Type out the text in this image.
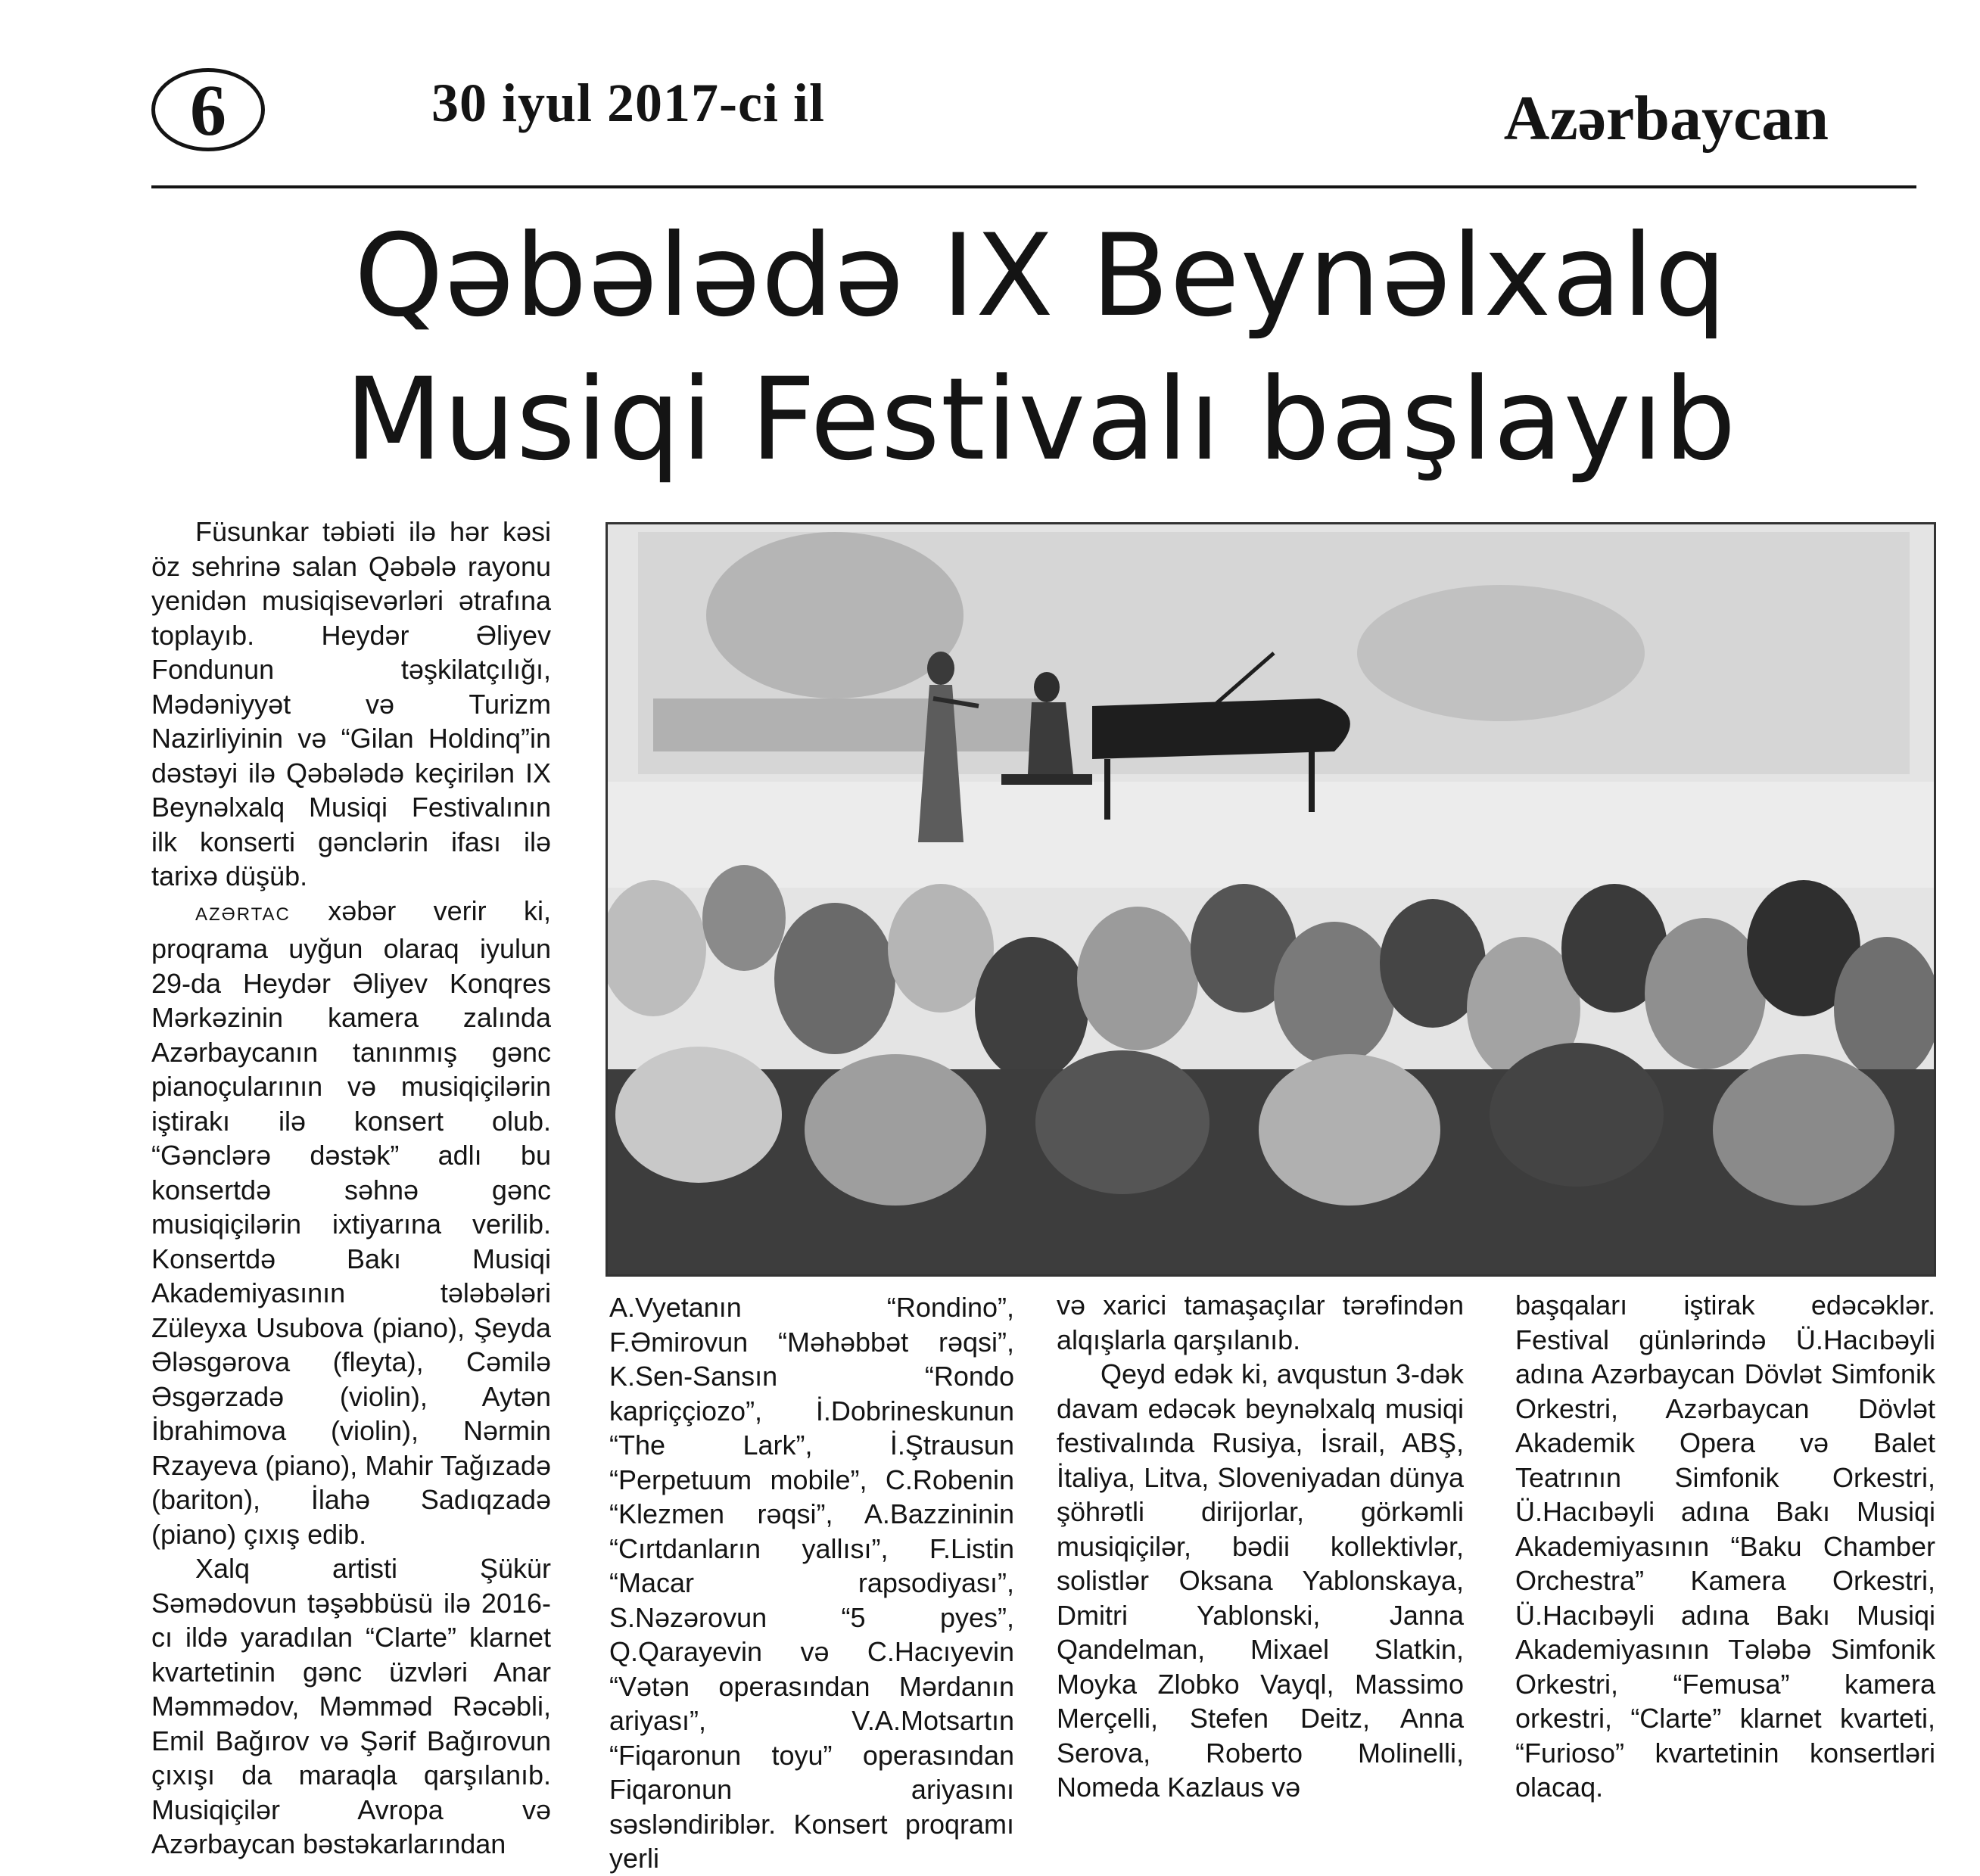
6	30 iyul 2017-ci il	Azərbaycan
Qəbələdə IX Beynəlxalq
Musiqi Festivalı başlayıb

Füsunkar təbiəti ilə hər kəsi öz sehrinə salan Qəbələ rayonu yenidən musiqisevərləri ətrafına toplayıb. Heydər Əliyev Fondunun təşkilatçılığı, Mədəniyyət və Turizm Nazirliyinin və “Gilan Holdinq”in dəstəyi ilə Qəbələdə keçirilən IX Beynəlxalq Musiqi Festivalının ilk konserti gənclərin ifası ilə tarixə düşüb.

AZƏRTAC xəbər verir ki, proqrama uyğun olaraq iyulun 29-da Heydər Əliyev Konqres Mərkəzinin kamera zalında Azərbaycanın tanınmış gənc pianoçularının və musiqiçilərin iştirakı ilə konsert olub. “Gənclərə dəstək” adlı bu konsertdə səhnə gənc musiqiçilərin ixtiyarına verilib. Konsertdə Bakı Musiqi Akademiyasının tələbələri Züleyxa Usubova (piano), Şeyda Ələsgərova (fleyta), Cəmilə Əsgərzadə (violin), Aytən İbrahimova (violin), Nərmin Rzayeva (piano), Mahir Tağızadə (bariton), İlahə Sadıqzadə (piano) çıxış edib.

Xalq artisti Şükür Səmədovun təşəbbüsü ilə 2016-cı ildə yaradılan “Clarte” klarnet kvartetinin gənc üzvləri Anar Məmmədov, Məmməd Rəcəbli, Emil Bağırov və Şərif Bağırovun çıxışı da maraqla qarşılanıb. Musiqiçilər Avropa və Azərbaycan bəstəkarlarından

A.Vyetanın “Rondino”, F.Əmirovun “Məhəbbət rəqsi”, K.Sen-Sansın “Rondo kapriççiozo”, İ.Dobrineskunun “The Lark”, İ.Ştrausun “Perpetuum mobile”, C.Robenin “Klezmen rəqsi”, A.Bazzininin “Cırtdanların yallısı”, F.Listin “Macar rapsodiyası”, S.Nəzərovun “5 pyes”, Q.Qarayevin və C.Hacıyevin “Vətən operasından Mərdanın ariyası”, V.A.Motsartın “Fiqaronun toyu” operasından Fiqaronun ariyasını səsləndiriblər. Konsert proqramı yerli

və xarici tamaşaçılar tərəfindən alqışlarla qarşılanıb.

Qeyd edək ki, avqustun 3-dək davam edəcək beynəlxalq musiqi festivalında Rusiya, İsrail, ABŞ, İtaliya, Litva, Sloveniyadan dünya şöhrətli dirijorlar, görkəmli musiqiçilər, bədii kollektivlər, solistlər Oksana Yablonskaya, Dmitri Yablonski, Janna Qandelman, Mixael Slatkin, Moyka Zlobko Vayql, Massimo Merçelli, Stefen Deitz, Anna Serova, Roberto Molinelli, Nomeda Kazlaus və

başqaları iştirak edəcəklər. Festival günlərində Ü.Hacıbəyli adına Azərbaycan Dövlət Simfonik Orkestri, Azərbaycan Dövlət Akademik Opera və Balet Teatrının Simfonik Orkestri, Ü.Hacıbəyli adına Bakı Musiqi Akademiyasının “Baku Chamber Orchestra” Kamera Orkestri, Ü.Hacıbəyli adına Bakı Musiqi Akademiyasının Tələbə Simfonik Orkestri, “Femusa” kamera orkestri, “Clarte” klarnet kvarteti, “Furioso” kvartetinin konsertləri olacaq.
